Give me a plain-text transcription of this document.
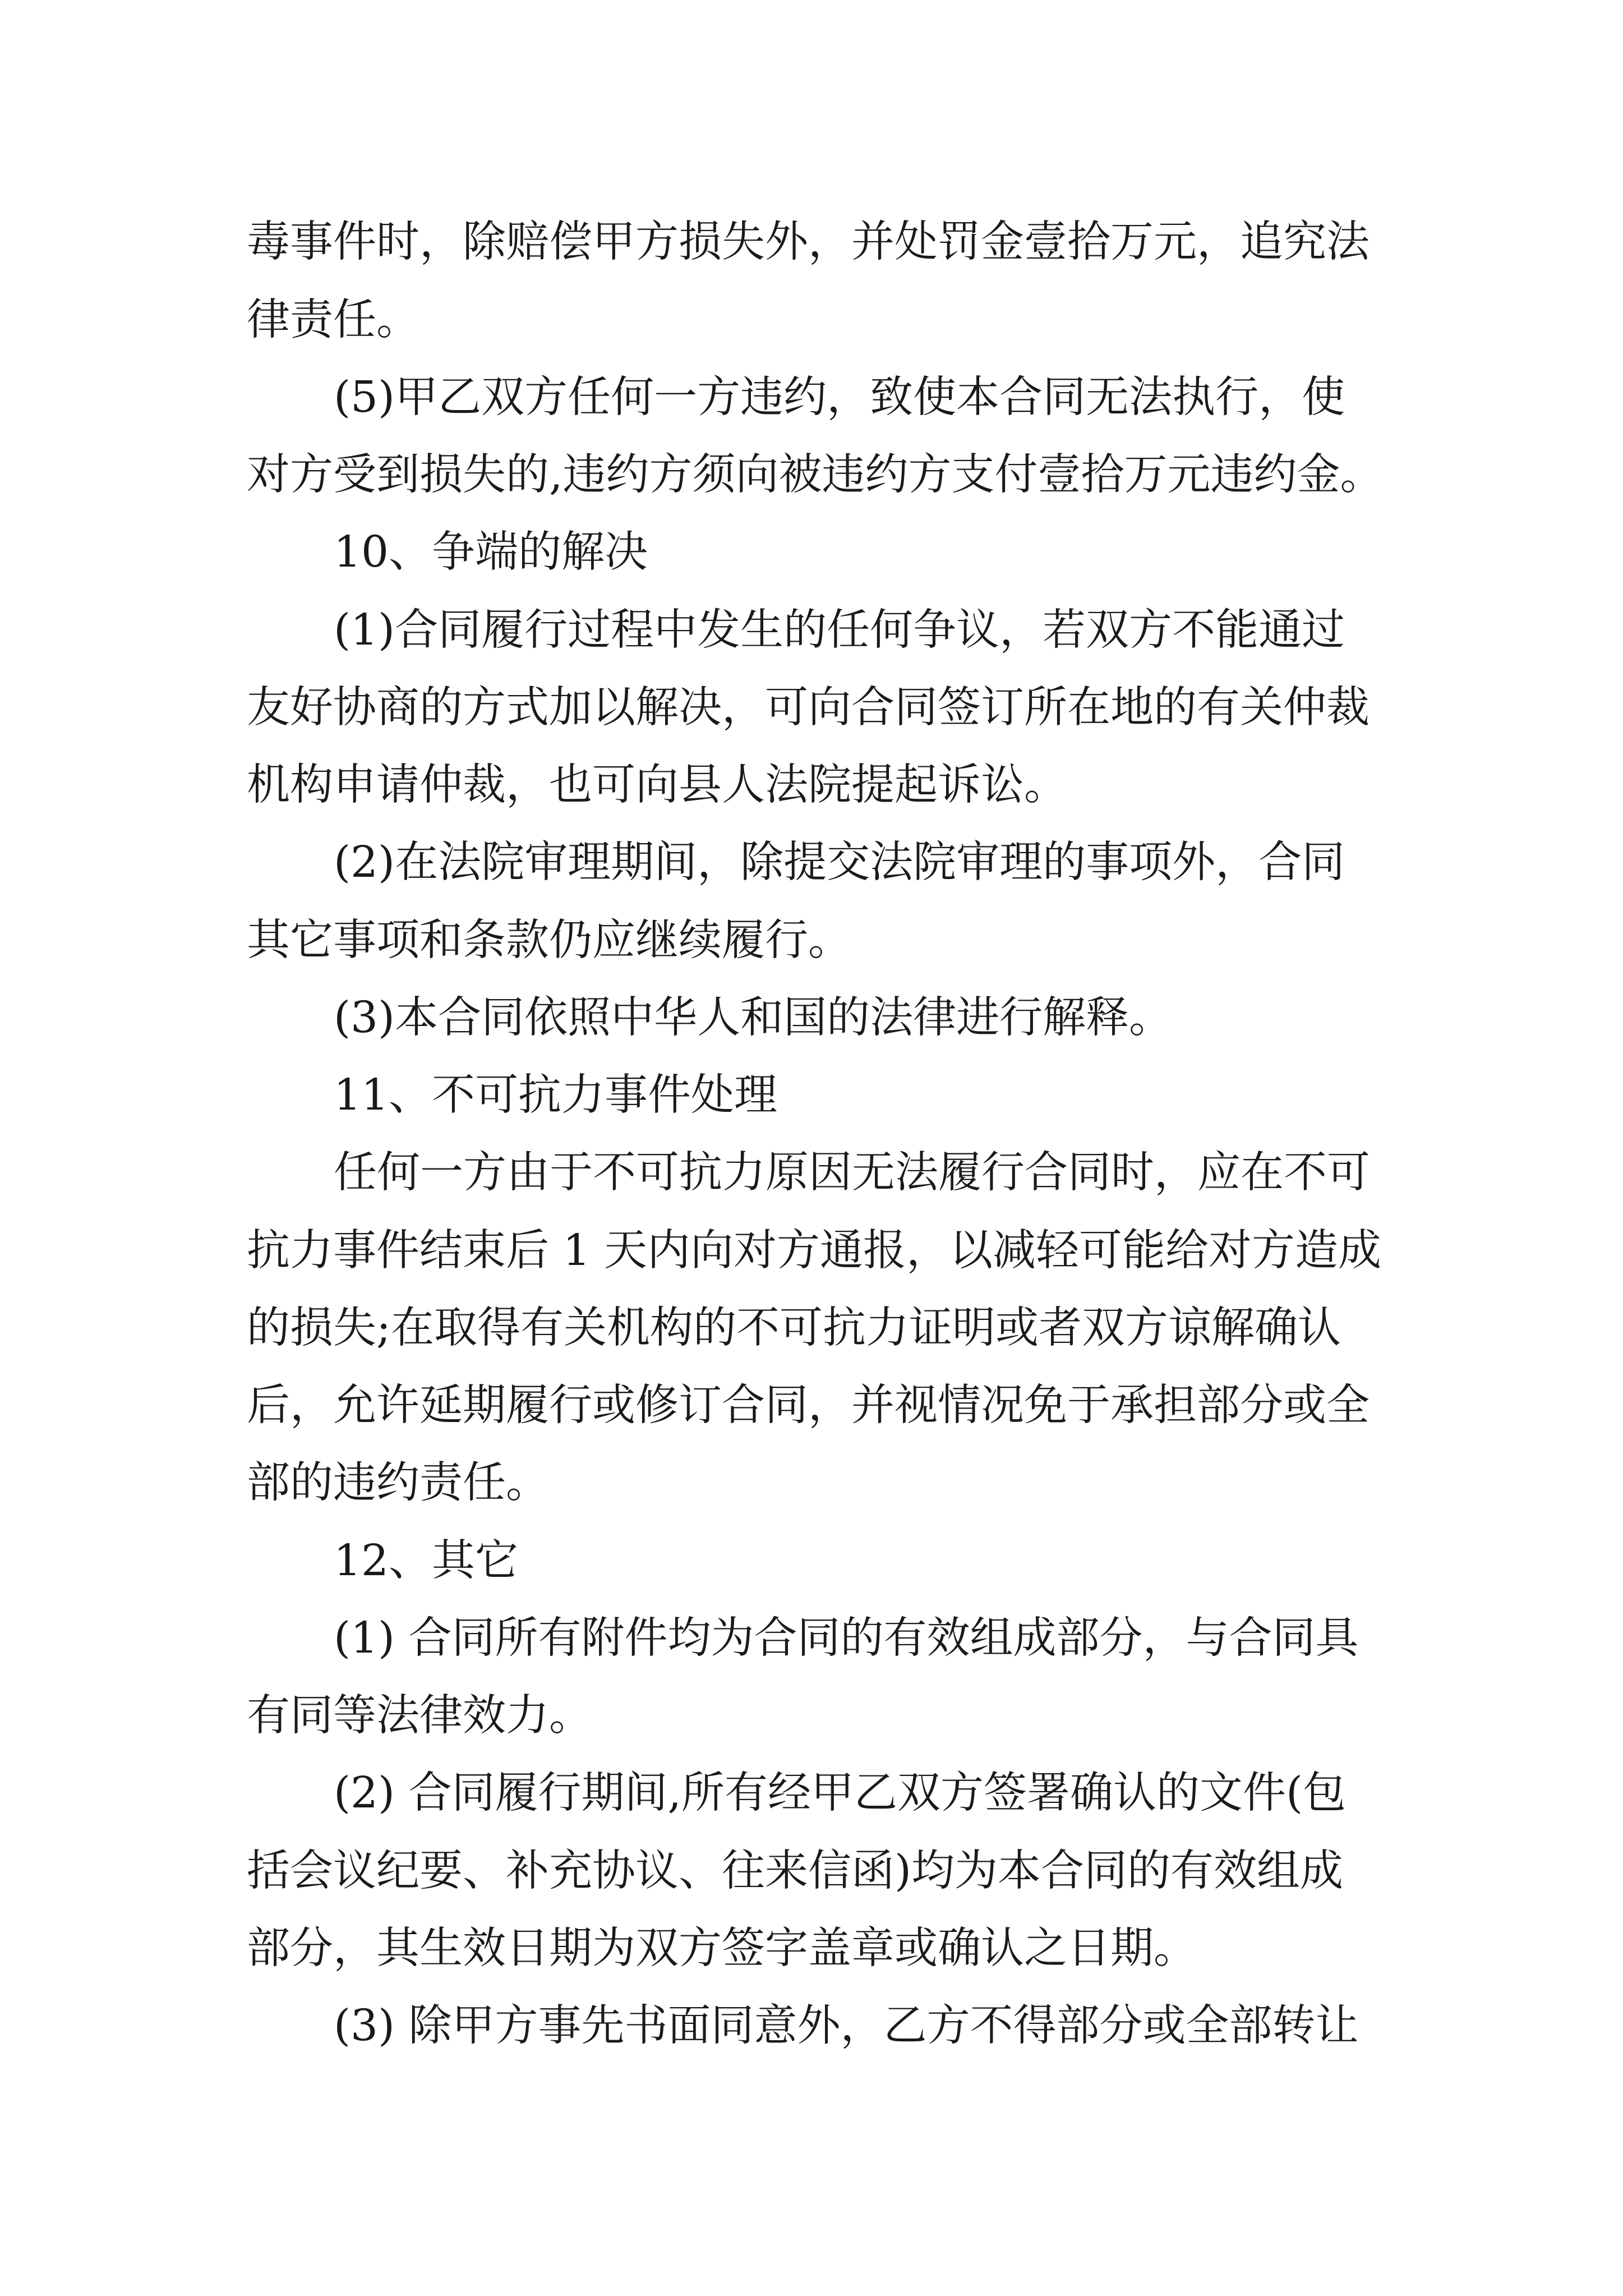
毒事件时，除赔偿甲方损失外，并处罚金壹拾万元，追究法

律责任。

(5)甲乙双方任何一方违约，致使本合同无法执行，使

对方受到损失的,违约方须向被违约方支付壹拾万元违约金。

10、争端的解决

(1)合同履行过程中发生的任何争议，若双方不能通过

友好协商的方式加以解决，可向合同签订所在地的有关仲裁

机构申请仲裁，也可向县人法院提起诉讼。

(2)在法院审理期间，除提交法院审理的事项外，合同

其它事项和条款仍应继续履行。

(3)本合同依照中华人和国的法律进行解释。

11、不可抗力事件处理

任何一方由于不可抗力原因无法履行合同时，应在不可

抗力事件结束后 1 天内向对方通报，以减轻可能给对方造成

的损失;在取得有关机构的不可抗力证明或者双方谅解确认

后，允许延期履行或修订合同，并视情况免于承担部分或全

部的违约责任。

12、其它

(1) 合同所有附件均为合同的有效组成部分，与合同具

有同等法律效力。

(2) 合同履行期间,所有经甲乙双方签署确认的文件(包

括会议纪要、补充协议、往来信函)均为本合同的有效组成

部分，其生效日期为双方签字盖章或确认之日期。

(3) 除甲方事先书面同意外，乙方不得部分或全部转让
